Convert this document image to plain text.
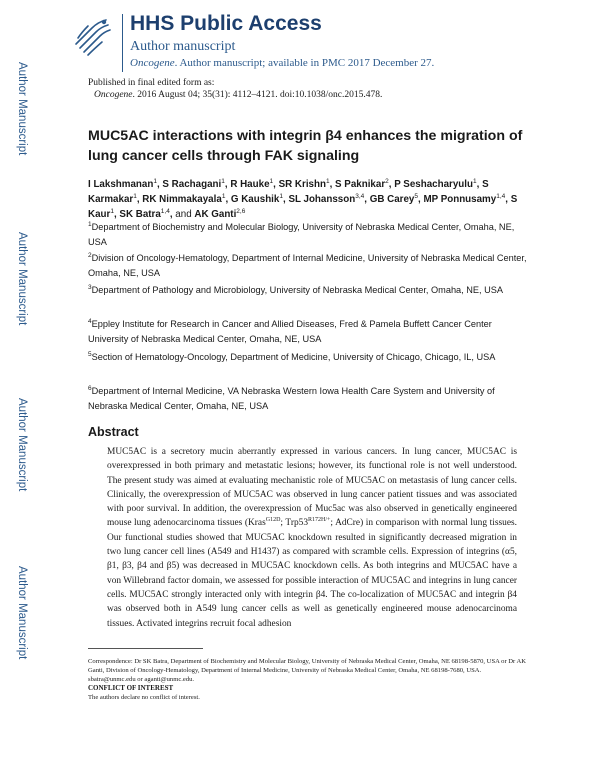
Author Manuscript
Author Manuscript
Author Manuscript
Author Manuscript
HHS Public Access
Author manuscript
Oncogene. Author manuscript; available in PMC 2017 December 27.
Published in final edited form as:
Oncogene. 2016 August 04; 35(31): 4112–4121. doi:10.1038/onc.2015.478.
MUC5AC interactions with integrin β4 enhances the migration of lung cancer cells through FAK signaling
I Lakshmanan$^1$, S Rachagani$^1$, R Hauke$^1$, SR Krishn$^1$, S Paknikar$^2$, P Seshacharyulu$^1$, S Karmakar$^1$, RK Nimmakayala$^1$, G Kaushik$^1$, SL Johansson$^{3,4}$, GB Carey$^5$, MP Ponnusamy$^{1,4}$, S Kaur$^1$, SK Batra$^{1,4}$, and AK Ganti$^{2,6}$
$^1$Department of Biochemistry and Molecular Biology, University of Nebraska Medical Center, Omaha, NE, USA
$^2$Division of Oncology-Hematology, Department of Internal Medicine, University of Nebraska Medical Center, Omaha, NE, USA
$^3$Department of Pathology and Microbiology, University of Nebraska Medical Center, Omaha, NE, USA
$^4$Eppley Institute for Research in Cancer and Allied Diseases, Fred & Pamela Buffett Cancer Center University of Nebraska Medical Center, Omaha, NE, USA
$^5$Section of Hematology-Oncology, Department of Medicine, University of Chicago, Chicago, IL, USA
$^6$Department of Internal Medicine, VA Nebraska Western Iowa Health Care System and University of Nebraska Medical Center, Omaha, NE, USA
Abstract
MUC5AC is a secretory mucin aberrantly expressed in various cancers. In lung cancer, MUC5AC is overexpressed in both primary and metastatic lesions; however, its functional role is not well understood. The present study was aimed at evaluating mechanistic role of MUC5AC on metastasis of lung cancer cells. Clinically, the overexpression of MUC5AC was observed in lung cancer patient tissues and was associated with poor survival. In addition, the overexpression of Muc5ac was also observed in genetically engineered mouse lung adenocarcinoma tissues (Kras$^{G12D}$; $Trp53^{R172H/+}$; AdCre) in comparison with normal lung tissues. Our functional studies showed that MUC5AC knockdown resulted in significantly decreased migration in two lung cancer cell lines (A549 and H1437) as compared with scramble cells. Expression of integrins (α5, β1, β3, β4 and β5) was decreased in MUC5AC knockdown cells. As both integrins and MUC5AC have a von Willebrand factor domain, we assessed for possible interaction of MUC5AC and integrins in lung cancer cells. MUC5AC strongly interacted only with integrin β4. The co-localization of MUC5AC and integrin β4 was observed both in A549 lung cancer cells as well as genetically engineered mouse adenocarcinoma tissues. Activated integrins recruit focal adhesion
Correspondence: Dr SK Batra, Department of Biochemistry and Molecular Biology, University of Nebraska Medical Center, Omaha, NE 68198-5870, USA or Dr AK Ganti, Division of Oncology-Hematology, Department of Internal Medicine, University of Nebraska Medical Center, Omaha, NE 68198-7680, USA. sbatra@unmc.edu or aganti@unmc.edu.
CONFLICT OF INTEREST
The authors declare no conflict of interest.
